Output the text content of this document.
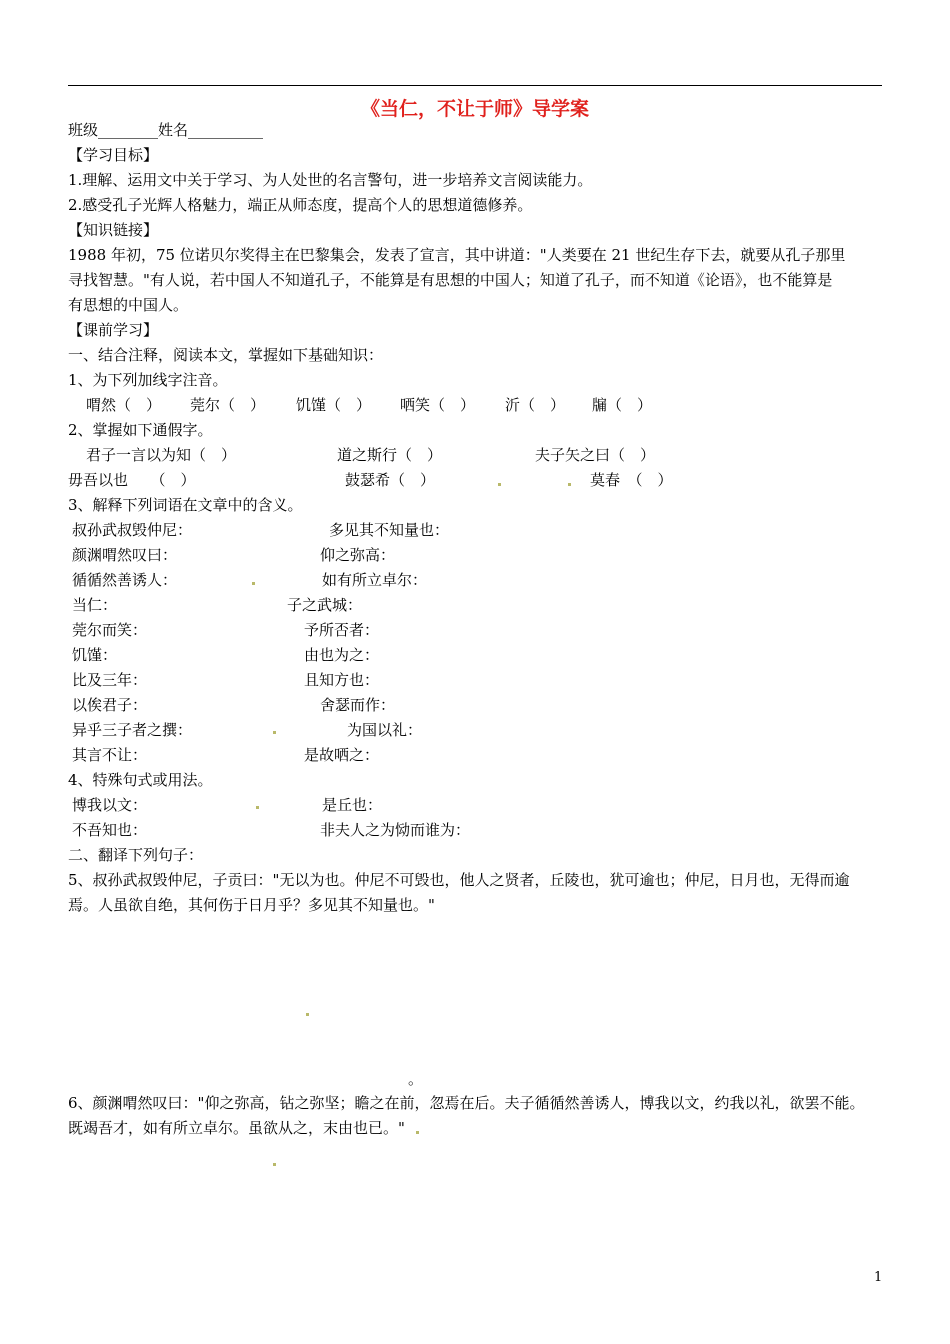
《当仁，不让于师》导学案
班级________姓名__________
【学习目标】
1.理解、运用文中关于学习、为人处世的名言警句，进一步培养文言阅读能力。
2.感受孔子光辉人格魅力，端正从师态度，提高个人的思想道德修养。
【知识链接】
1988 年初，75 位诺贝尔奖得主在巴黎集会，发表了宣言，其中讲道："人类要在 21 世纪生存下去，就要从孔子那里
寻找智慧。"有人说，若中国人不知道孔子，不能算是有思想的中国人；知道了孔子，而不知道《论语》，也不能算是
有思想的中国人。
【课前学习】
一、结合注释，阅读本文，掌握如下基础知识：
1、为下列加线字注音。
喟然（　） 莞尔（　） 饥馑（　） 哂笑（　） 沂（　） 牖（　）
2、掌握如下通假字。
君子一言以为知（　）	道之斯行（　）	夫子矢之曰（　）
毋吾以也　　（　）	鼓瑟希（　）	莫春　（　）
3、解释下列词语在文章中的含义。
叔孙武叔毁仲尼：	多见其不知量也：
颜渊喟然叹曰：	仰之弥高：
循循然善诱人：	如有所立卓尔：
当仁：	子之武城：
莞尔而笑：	予所否者：
饥馑：	由也为之：
比及三年：	且知方也：
以俟君子：	舍瑟而作：
异乎三子者之撰：	为国以礼：
其言不让：	是故哂之：
4、特殊句式或用法。
博我以文：	是丘也：
不吾知也：	非夫人之为恸而谁为：
二、翻译下列句子：
5、叔孙武叔毁仲尼，子贡曰："无以为也。仲尼不可毁也，他人之贤者，丘陵也，犹可逾也；仲尼，日月也，无得而逾
焉。人虽欲自绝，其何伤于日月乎？多见其不知量也。"
。
6、颜渊喟然叹曰："仰之弥高，钻之弥坚；瞻之在前，忽焉在后。夫子循循然善诱人，博我以文，约我以礼，欲罢不能。
既竭吾才，如有所立卓尔。虽欲从之，末由也已。"
1
